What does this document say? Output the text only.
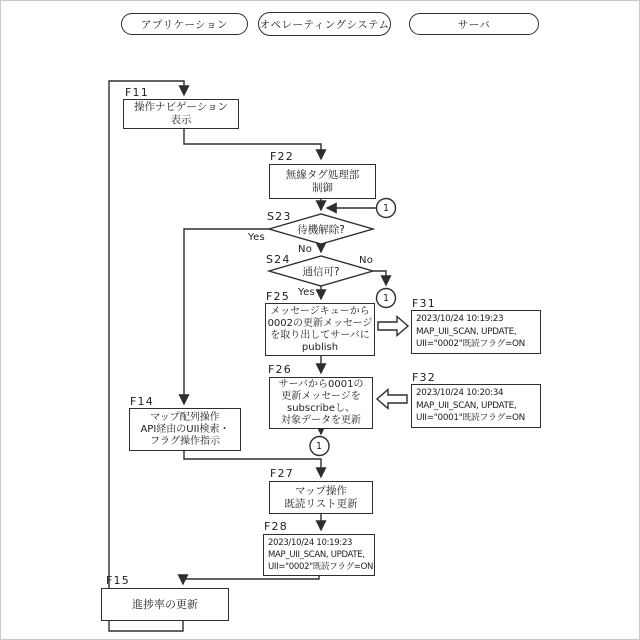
アプリケーション	オペレーティングシステム	サーバ
F11
F22
S23
S24
F25
F31
F26
F32
F14
F27
F28
F15
操作ナビゲーション
表示
無線タグ処理部
制御
メッセージキューから
0002の更新メッセージ
を取り出してサーバに
publish
2023/10/24 10:19:23
MAP_UII_SCAN, UPDATE,
UII="0002"既読フラグ=ON
サーバから0001の
更新メッセージを
subscribeし、
対象データを更新
2023/10/24 10:20:34
MAP_UII_SCAN, UPDATE,
UII="0001"既読フラグ=ON
マップ配列操作
API経由のUII検索・
フラグ操作指示
マップ操作
既読リスト更新
2023/10/24 10:19:23
MAP_UII_SCAN, UPDATE,
UII="0002"既読フラグ=ON
進捗率の更新
待機解除?
通信可?
Yes
No
No
Yes
1
1
1
